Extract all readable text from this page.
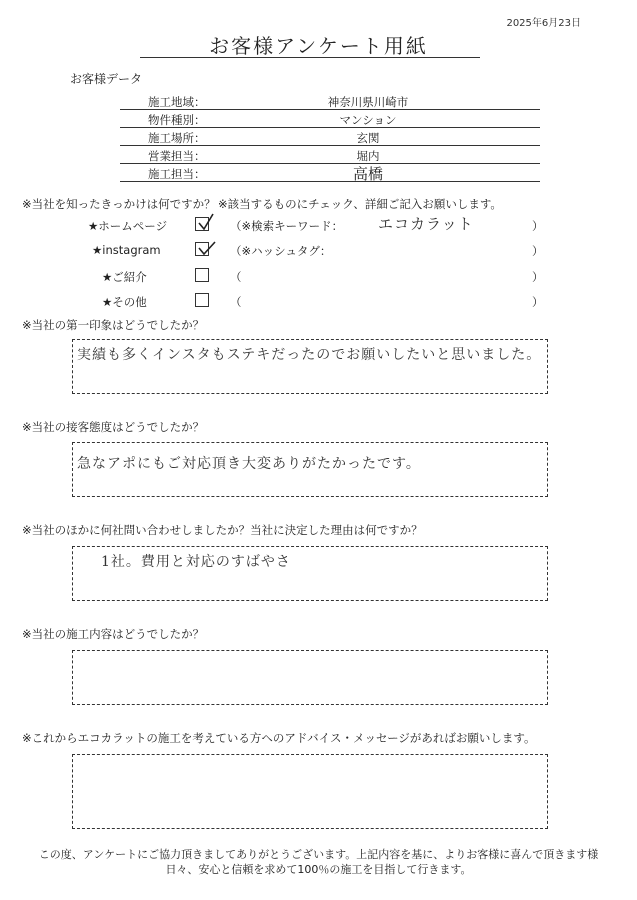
2025年6月23日
お客様アンケート用紙
お客様データ
施工地域：	神奈川県川崎市
物件種別：	マンション
施工場所：	玄関
営業担当：	堀内
施工担当：	高橋
※当社を知ったきっかけは何ですか？ ※該当するものにチェック、詳細ご記入お願いします。
★ホームページ	（※検索キーワード： エコカラット	）
★instagram	（※ハッシュタグ：	）
★ご紹介	（	）
★その他	（	）
※当社の第一印象はどうでしたか？
実績も多くインスタもステキだったのでお願いしたいと思いました。
※当社の接客態度はどうでしたか？
急なアポにもご対応頂き大変ありがたかったです。
※当社のほかに何社問い合わせしましたか？当社に決定した理由は何ですか？
1社。費用と対応のすばやさ
※当社の施工内容はどうでしたか？
※これからエコカラットの施工を考えている方へのアドバイス・メッセージがあればお願いします。
この度、アンケートにご協力頂きましてありがとうございます。上記内容を基に、よりお客様に喜んで頂きます様
日々、安心と信頼を求めて100％の施工を目指して行きます。
